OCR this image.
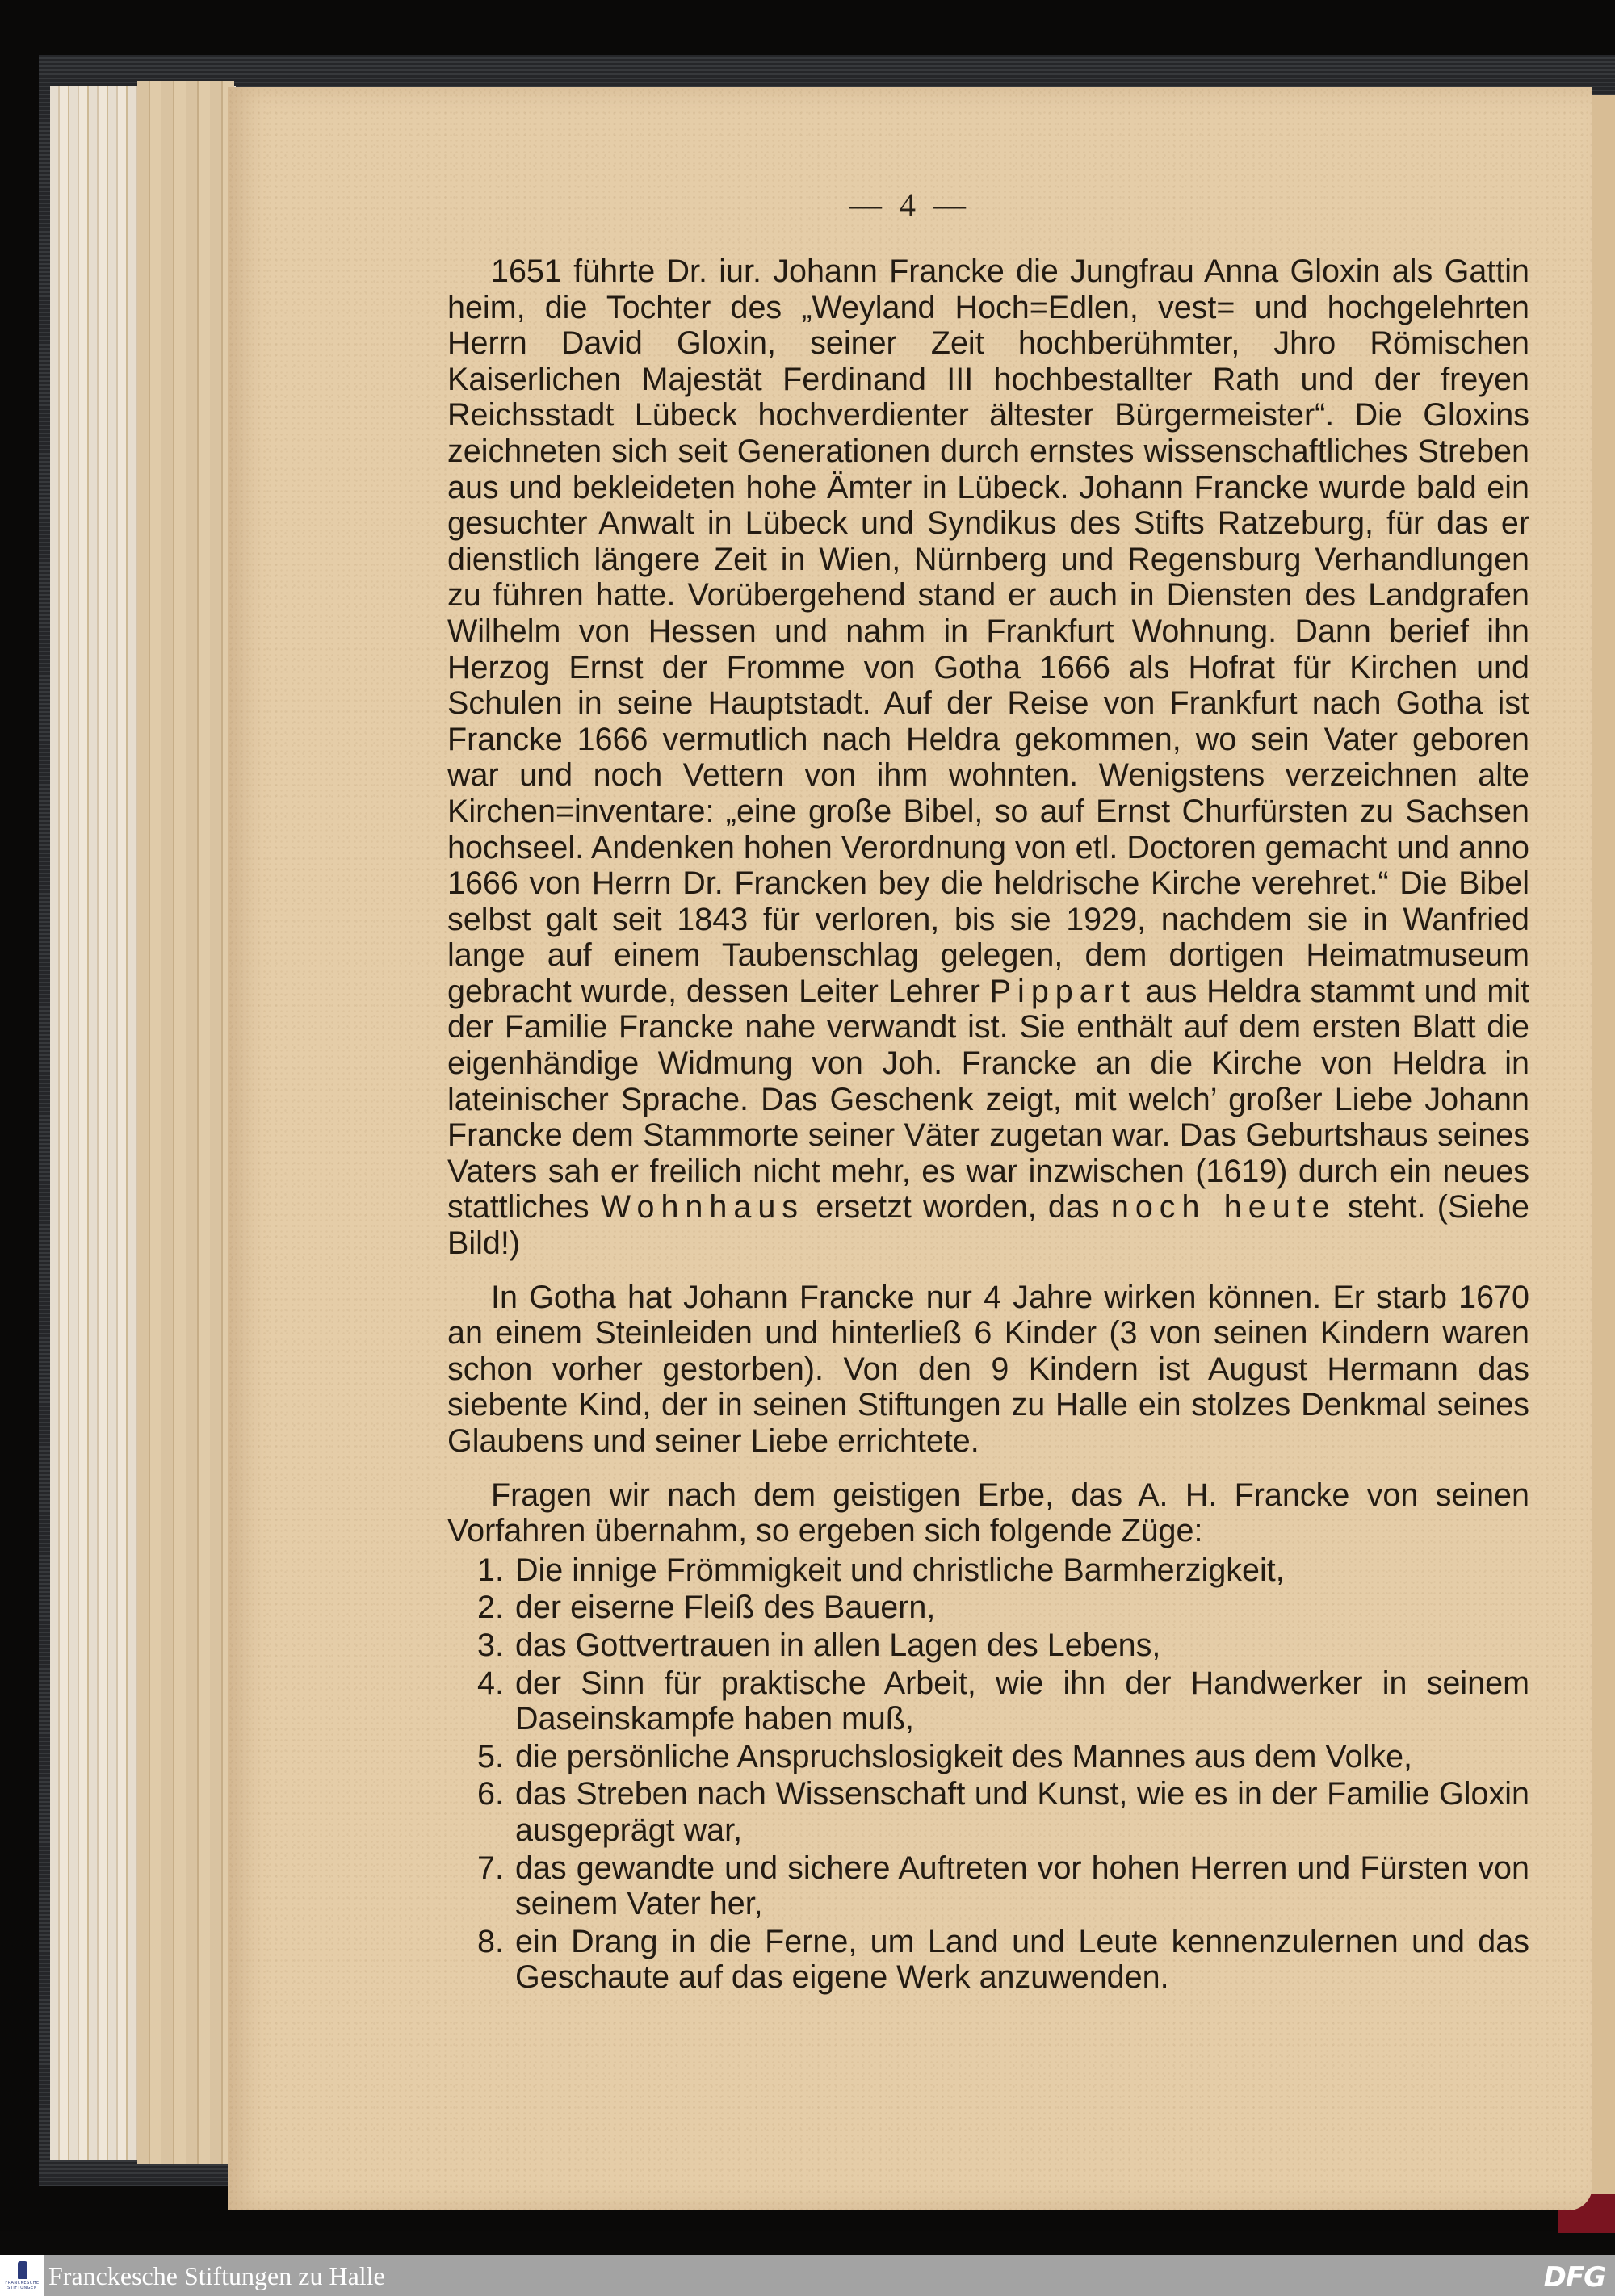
— 4 —

1651 führte Dr. iur. Johann Francke die Jungfrau Anna Gloxin als Gattin heim, die Tochter des „Weyland Hoch=Edlen, vest= und hochgelehrten Herrn David Gloxin, seiner Zeit hochberühmter, Jhro Römischen Kaiserlichen Majestät Ferdinand III hochbestallter Rath und der freyen Reichsstadt Lübeck hochverdienter ältester Bürgermeister“. Die Gloxins zeichneten sich seit Generationen durch ernstes wissenschaftliches Streben aus und bekleideten hohe Ämter in Lübeck. Johann Francke wurde bald ein gesuchter Anwalt in Lübeck und Syndikus des Stifts Ratzeburg, für das er dienstlich längere Zeit in Wien, Nürnberg und Regensburg Verhandlungen zu führen hatte. Vorübergehend stand er auch in Diensten des Landgrafen Wilhelm von Hessen und nahm in Frankfurt Wohnung. Dann berief ihn Herzog Ernst der Fromme von Gotha 1666 als Hofrat für Kirchen und Schulen in seine Hauptstadt. Auf der Reise von Frankfurt nach Gotha ist Francke 1666 vermutlich nach Heldra gekommen, wo sein Vater geboren war und noch Vettern von ihm wohnten. Wenigstens verzeichnen alte Kirchen=inventare: „eine große Bibel, so auf Ernst Churfürsten zu Sachsen hochseel. Andenken hohen Verordnung von etl. Doctoren gemacht und anno 1666 von Herrn Dr. Francken bey die heldrische Kirche verehret.“ Die Bibel selbst galt seit 1843 für verloren, bis sie 1929, nachdem sie in Wanfried lange auf einem Taubenschlag gelegen, dem dortigen Heimatmuseum gebracht wurde, dessen Leiter Lehrer Pippart aus Heldra stammt und mit der Familie Francke nahe verwandt ist. Sie enthält auf dem ersten Blatt die eigenhändige Widmung von Joh. Francke an die Kirche von Heldra in lateinischer Sprache. Das Geschenk zeigt, mit welch’ großer Liebe Johann Francke dem Stammorte seiner Väter zugetan war. Das Geburtshaus seines Vaters sah er freilich nicht mehr, es war inzwischen (1619) durch ein neues stattliches Wohnhaus ersetzt worden, das noch heute steht. (Siehe Bild!)

In Gotha hat Johann Francke nur 4 Jahre wirken können. Er starb 1670 an einem Steinleiden und hinterließ 6 Kinder (3 von seinen Kindern waren schon vorher gestorben). Von den 9 Kindern ist August Hermann das siebente Kind, der in seinen Stiftungen zu Halle ein stolzes Denkmal seines Glaubens und seiner Liebe errichtete.

Fragen wir nach dem geistigen Erbe, das A. H. Francke von seinen Vorfahren übernahm, so ergeben sich folgende Züge:

1. Die innige Frömmigkeit und christliche Barmherzigkeit,
2. der eiserne Fleiß des Bauern,
3. das Gottvertrauen in allen Lagen des Lebens,
4. der Sinn für praktische Arbeit, wie ihn der Handwerker in seinem Daseinskampfe haben muß,
5. die persönliche Anspruchslosigkeit des Mannes aus dem Volke,
6. das Streben nach Wissenschaft und Kunst, wie es in der Familie Gloxin ausgeprägt war,
7. das gewandte und sichere Auftreten vor hohen Herren und Fürsten von seinem Vater her,
8. ein Drang in die Ferne, um Land und Leute kennenzulernen und das Geschaute auf das eigene Werk anzuwenden.
FRANCKESCHE
STIFTUNGEN Franckesche Stiftungen zu Halle	DFG
